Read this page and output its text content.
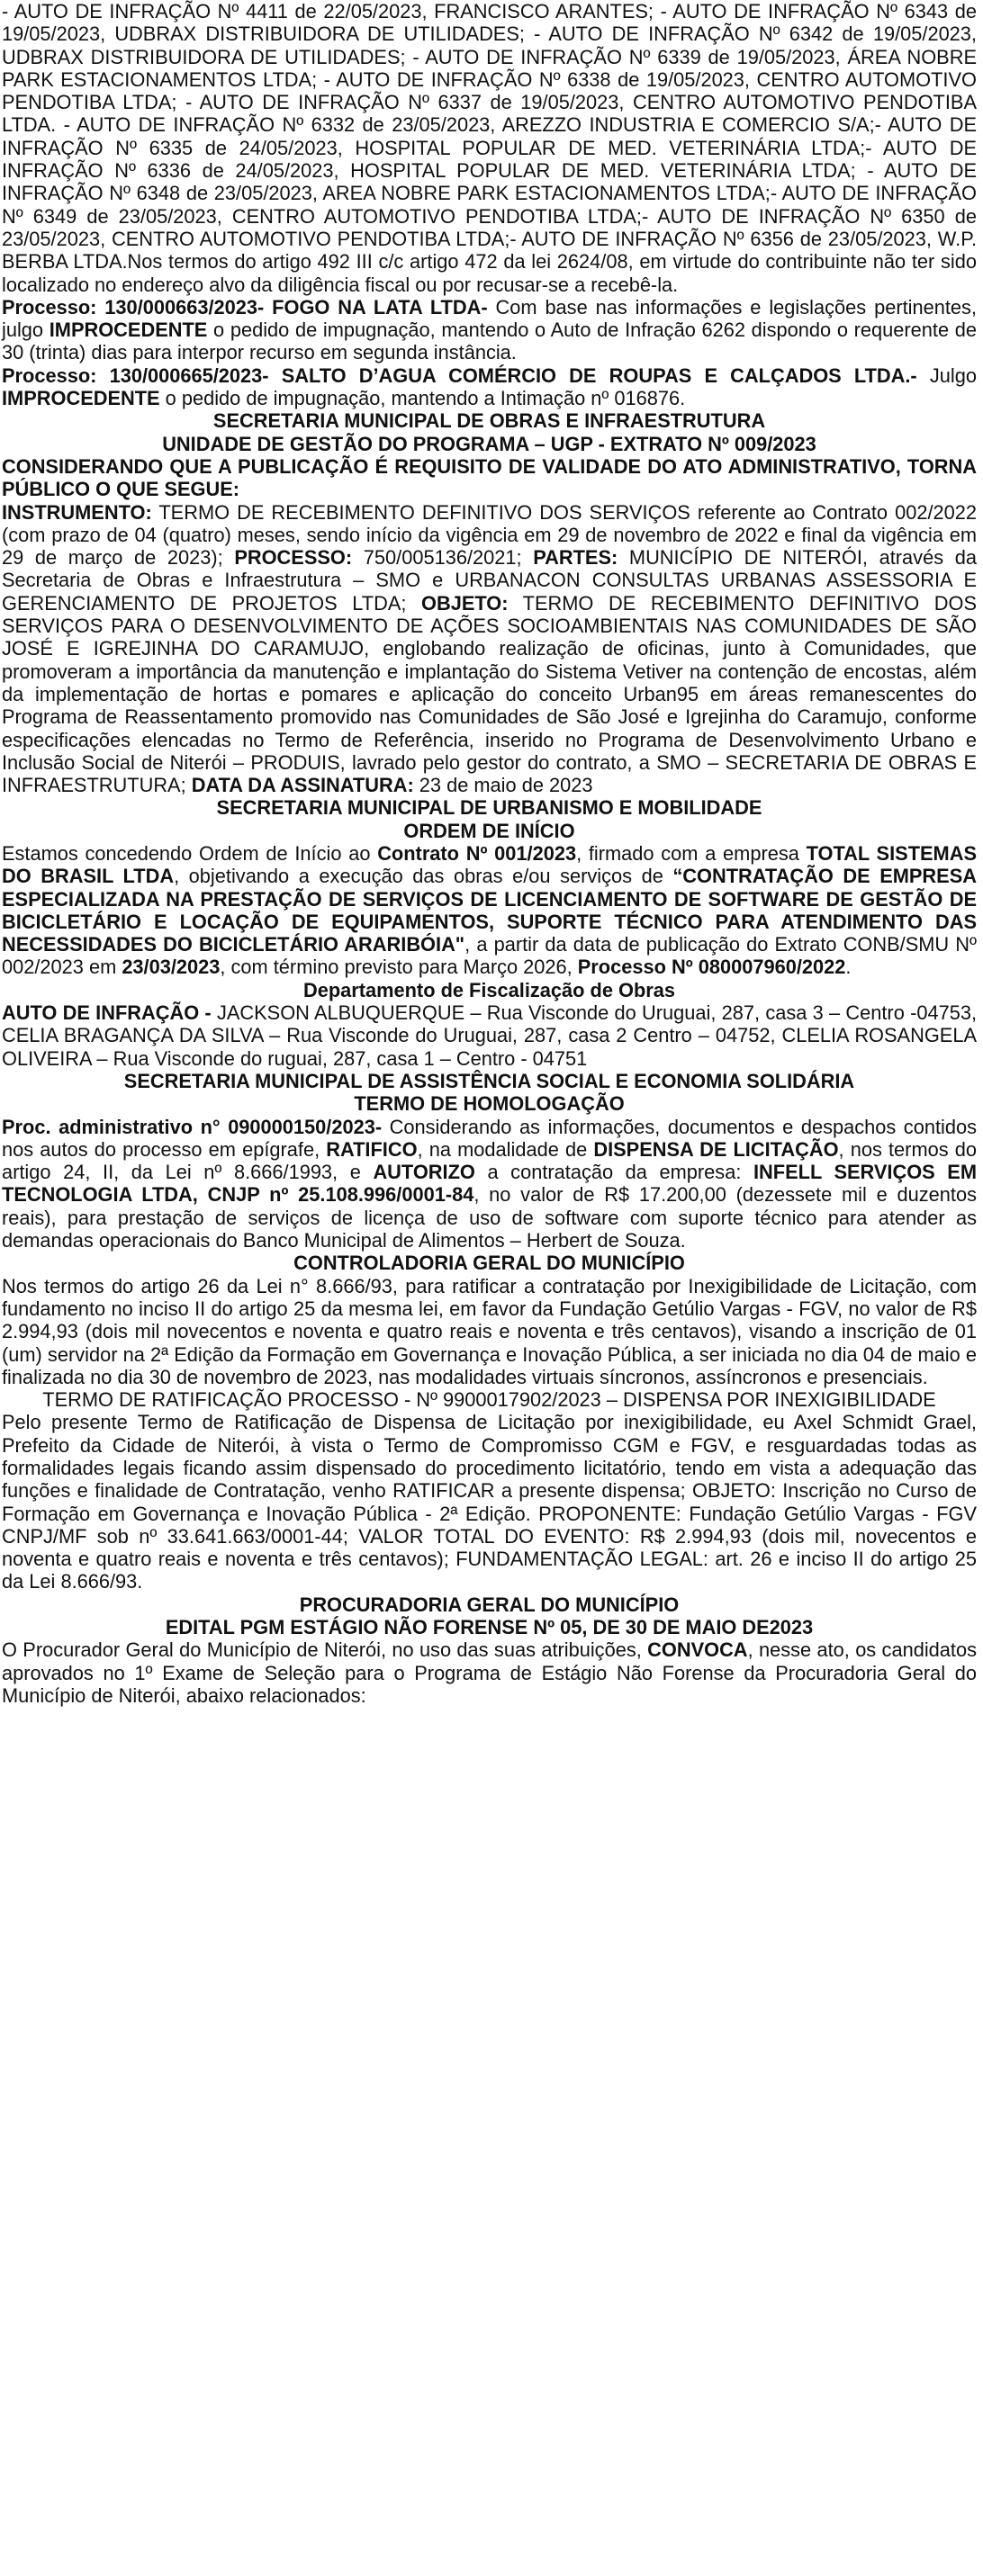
- AUTO DE INFRAÇÃO Nº 4411 de 22/05/2023, FRANCISCO ARANTES; - AUTO DE INFRAÇÃO Nº 6343 de 19/05/2023, UDBRAX DISTRIBUIDORA DE UTILIDADES; - AUTO DE INFRAÇÃO Nº 6342 de 19/05/2023, UDBRAX DISTRIBUIDORA DE UTILIDADES; - AUTO DE INFRAÇÃO Nº 6339 de 19/05/2023, ÁREA NOBRE PARK ESTACIONAMENTOS LTDA; - AUTO DE INFRAÇÃO Nº 6338 de 19/05/2023, CENTRO AUTOMOTIVO PENDOTIBA LTDA; - AUTO DE INFRAÇÃO Nº 6337 de 19/05/2023, CENTRO AUTOMOTIVO PENDOTIBA LTDA. - AUTO DE INFRAÇÃO Nº 6332 de 23/05/2023, AREZZO INDUSTRIA E COMERCIO S/A;- AUTO DE INFRAÇÃO Nº 6335 de 24/05/2023, HOSPITAL POPULAR DE MED. VETERINÁRIA LTDA;- AUTO DE INFRAÇÃO Nº 6336 de 24/05/2023, HOSPITAL POPULAR DE MED. VETERINÁRIA LTDA; - AUTO DE INFRAÇÃO Nº 6348 de 23/05/2023, AREA NOBRE PARK ESTACIONAMENTOS LTDA;- AUTO DE INFRAÇÃO Nº 6349 de 23/05/2023, CENTRO AUTOMOTIVO PENDOTIBA LTDA;- AUTO DE INFRAÇÃO Nº 6350 de 23/05/2023, CENTRO AUTOMOTIVO PENDOTIBA LTDA;- AUTO DE INFRAÇÃO Nº 6356 de 23/05/2023, W.P. BERBA LTDA.Nos termos do artigo 492 III c/c artigo 472 da lei 2624/08, em virtude do contribuinte não ter sido localizado no endereço alvo da diligência fiscal ou por recusar-se a recebê-la.

Processo: 130/000663/2023- FOGO NA LATA LTDA- Com base nas informações e legislações pertinentes, julgo IMPROCEDENTE o pedido de impugnação, mantendo o Auto de Infração 6262 dispondo o requerente de 30 (trinta) dias para interpor recurso em segunda instância.

Processo: 130/000665/2023- SALTO D’AGUA COMÉRCIO DE ROUPAS E CALÇADOS LTDA.- Julgo IMPROCEDENTE o pedido de impugnação, mantendo a Intimação nº 016876.

SECRETARIA MUNICIPAL DE OBRAS E INFRAESTRUTURA

UNIDADE DE GESTÃO DO PROGRAMA – UGP - EXTRATO Nº 009/2023

CONSIDERANDO QUE A PUBLICAÇÃO É REQUISITO DE VALIDADE DO ATO ADMINISTRATIVO, TORNA PÚBLICO O QUE SEGUE:

INSTRUMENTO: TERMO DE RECEBIMENTO DEFINITIVO DOS SERVIÇOS referente ao Contrato 002/2022 (com prazo de 04 (quatro) meses, sendo início da vigência em 29 de novembro de 2022 e final da vigência em 29 de março de 2023); PROCESSO: 750/005136/2021; PARTES: MUNICÍPIO DE NITERÓI, através da Secretaria de Obras e Infraestrutura – SMO e URBANACON CONSULTAS URBANAS ASSESSORIA E GERENCIAMENTO DE PROJETOS LTDA; OBJETO: TERMO DE RECEBIMENTO DEFINITIVO DOS SERVIÇOS PARA O DESENVOLVIMENTO DE AÇÕES SOCIOAMBIENTAIS NAS COMUNIDADES DE SÃO JOSÉ E IGREJINHA DO CARAMUJO, englobando realização de oficinas, junto à Comunidades, que promoveram a importância da manutenção e implantação do Sistema Vetiver na contenção de encostas, além da implementação de hortas e pomares e aplicação do conceito Urban95 em áreas remanescentes do Programa de Reassentamento promovido nas Comunidades de São José e Igrejinha do Caramujo, conforme especificações elencadas no Termo de Referência, inserido no Programa de Desenvolvimento Urbano e Inclusão Social de Niterói – PRODUIS, lavrado pelo gestor do contrato, a SMO – SECRETARIA DE OBRAS E INFRAESTRUTURA; DATA DA ASSINATURA: 23 de maio de 2023

SECRETARIA MUNICIPAL DE URBANISMO E MOBILIDADE

ORDEM DE INÍCIO

Estamos concedendo Ordem de Início ao Contrato Nº 001/2023, firmado com a empresa TOTAL SISTEMAS DO BRASIL LTDA, objetivando a execução das obras e/ou serviços de “CONTRATAÇÃO DE EMPRESA ESPECIALIZADA NA PRESTAÇÃO DE SERVIÇOS DE LICENCIAMENTO DE SOFTWARE DE GESTÃO DE BICICLETÁRIO E LOCAÇÃO DE EQUIPAMENTOS, SUPORTE TÉCNICO PARA ATENDIMENTO DAS NECESSIDADES DO BICICLETÁRIO ARARIBÓIA", a partir da data de publicação do Extrato CONB/SMU Nº 002/2023 em 23/03/2023, com término previsto para Março 2026, Processo Nº 080007960/2022.

Departamento de Fiscalização de Obras

AUTO DE INFRAÇÃO - JACKSON ALBUQUERQUE – Rua Visconde do Uruguai, 287, casa 3 – Centro -04753, CELIA BRAGANÇA DA SILVA – Rua Visconde do Uruguai, 287, casa 2 Centro – 04752, CLELIA ROSANGELA OLIVEIRA – Rua Visconde do ruguai, 287, casa 1 – Centro - 04751

SECRETARIA MUNICIPAL DE ASSISTÊNCIA SOCIAL E ECONOMIA SOLIDÁRIA

TERMO DE HOMOLOGAÇÃO

Proc. administrativo n° 090000150/2023- Considerando as informações, documentos e despachos contidos nos autos do processo em epígrafe, RATIFICO, na modalidade de DISPENSA DE LICITAÇÃO, nos termos do artigo 24, II, da Lei nº 8.666/1993, e AUTORIZO a contratação da empresa: INFELL SERVIÇOS EM TECNOLOGIA LTDA, CNJP nº 25.108.996/0001-84, no valor de R$ 17.200,00 (dezessete mil e duzentos reais), para prestação de serviços de licença de uso de software com suporte técnico para atender as demandas operacionais do Banco Municipal de Alimentos – Herbert de Souza.

CONTROLADORIA GERAL DO MUNICÍPIO

Nos termos do artigo 26 da Lei n° 8.666/93, para ratificar a contratação por Inexigibilidade de Licitação, com fundamento no inciso II do artigo 25 da mesma lei, em favor da Fundação Getúlio Vargas - FGV, no valor de R$ 2.994,93 (dois mil novecentos e noventa e quatro reais e noventa e três centavos), visando a inscrição de 01 (um) servidor na 2ª Edição da Formação em Governança e Inovação Pública, a ser iniciada no dia 04 de maio e finalizada no dia 30 de novembro de 2023, nas modalidades virtuais síncronos, assíncronos e presenciais.

TERMO DE RATIFICAÇÃO PROCESSO - Nº 9900017902/2023 – DISPENSA POR INEXIGIBILIDADE

Pelo presente Termo de Ratificação de Dispensa de Licitação por inexigibilidade, eu Axel Schmidt Grael, Prefeito da Cidade de Niterói, à vista o Termo de Compromisso CGM e FGV, e resguardadas todas as formalidades legais ficando assim dispensado do procedimento licitatório, tendo em vista a adequação das funções e finalidade de Contratação, venho RATIFICAR a presente dispensa; OBJETO: Inscrição no Curso de Formação em Governança e Inovação Pública - 2ª Edição. PROPONENTE: Fundação Getúlio Vargas - FGV CNPJ/MF sob nº 33.641.663/0001-44; VALOR TOTAL DO EVENTO: R$ 2.994,93 (dois mil, novecentos e noventa e quatro reais e noventa e três centavos); FUNDAMENTAÇÃO LEGAL: art. 26 e inciso II do artigo 25 da Lei 8.666/93.

PROCURADORIA GERAL DO MUNICÍPIO

EDITAL PGM ESTÁGIO NÃO FORENSE Nº 05, DE 30 DE MAIO DE2023

O Procurador Geral do Município de Niterói, no uso das suas atribuições, CONVOCA, nesse ato, os candidatos aprovados no 1º Exame de Seleção para o Programa de Estágio Não Forense da Procuradoria Geral do Município de Niterói, abaixo relacionados:
